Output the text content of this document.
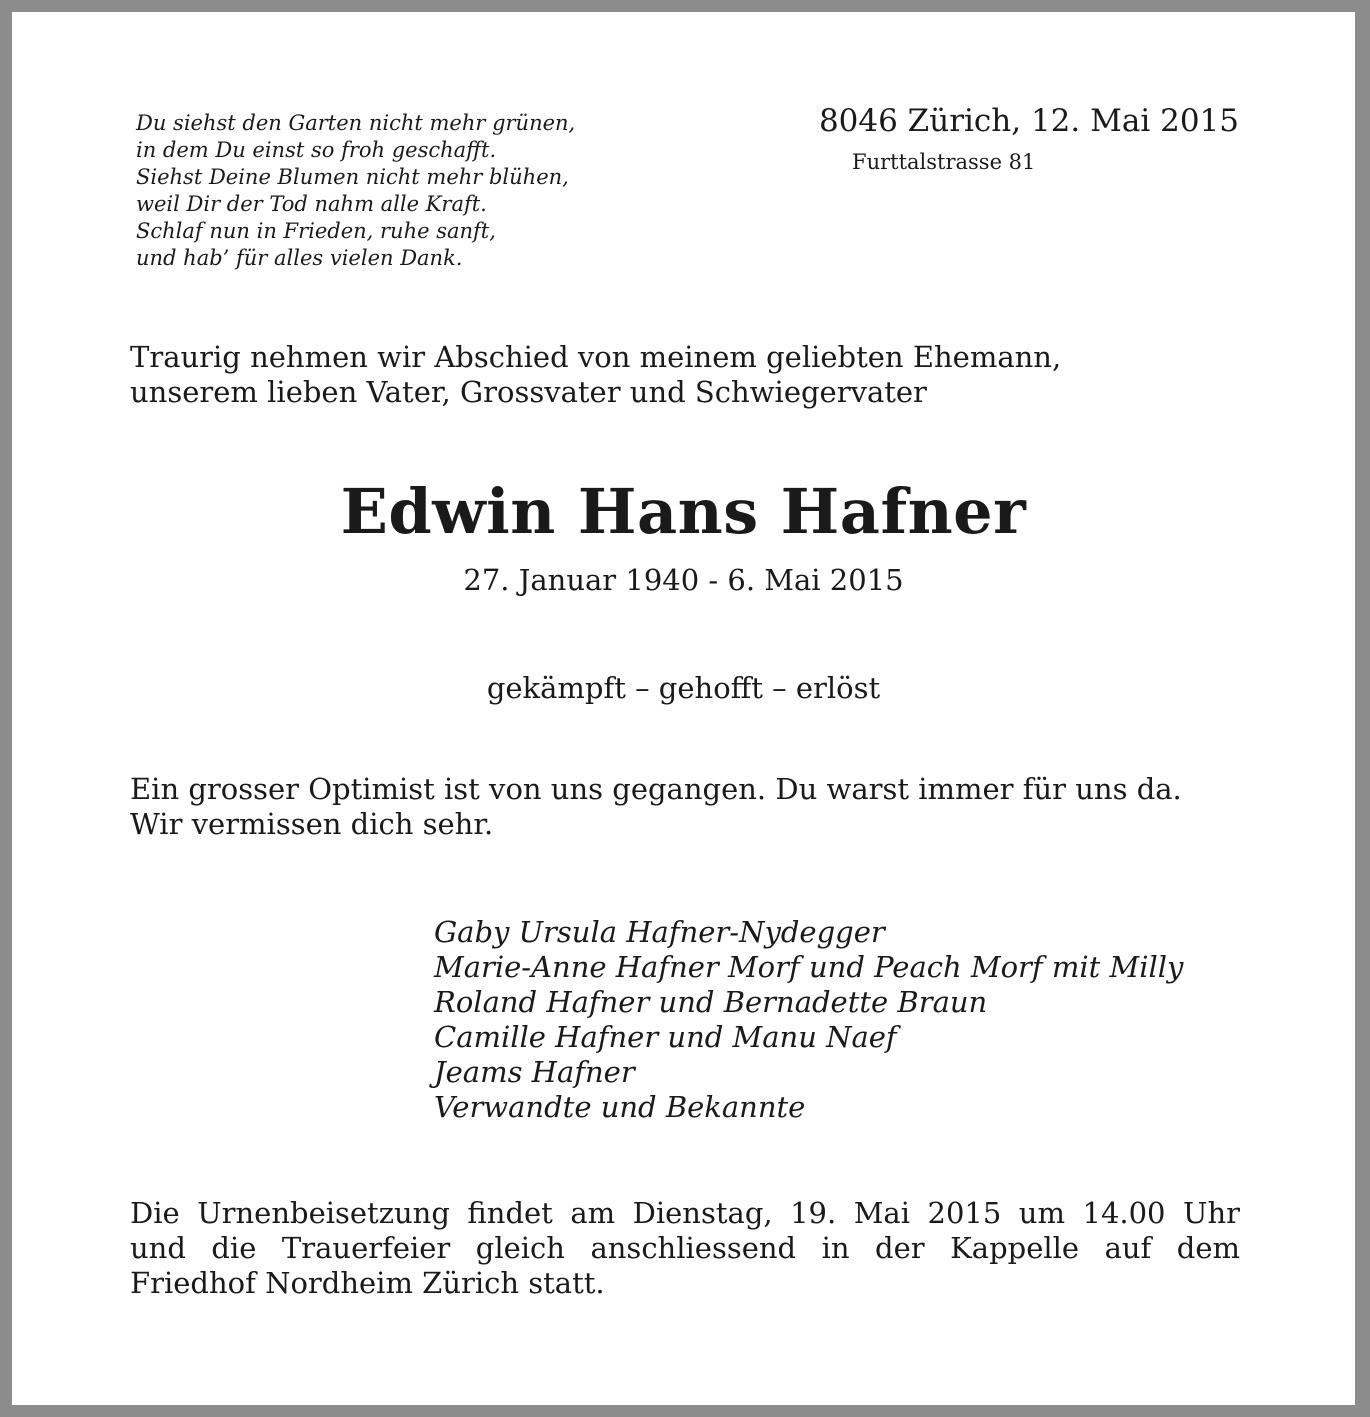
Du siehst den Garten nicht mehr grünen,
in dem Du einst so froh geschafft.
Siehst Deine Blumen nicht mehr blühen,
weil Dir der Tod nahm alle Kraft.
Schlaf nun in Frieden, ruhe sanft,
und hab’ für alles vielen Dank.
8046 Zürich, 12. Mai 2015
Furttalstrasse 81
Traurig nehmen wir Abschied von meinem geliebten Ehemann,
unserem lieben Vater, Grossvater und Schwiegervater
Edwin Hans Hafner
27. Januar 1940 - 6. Mai 2015
gekämpft – gehofft – erlöst
Ein grosser Optimist ist von uns gegangen. Du warst immer für uns da.
Wir vermissen dich sehr.
Gaby Ursula Hafner-Nydegger
Marie-Anne Hafner Morf und Peach Morf mit Milly
Roland Hafner und Bernadette Braun
Camille Hafner und Manu Naef
Jeams Hafner
Verwandte und Bekannte
Die Urnenbeisetzung findet am Dienstag, 19. Mai 2015 um 14.00 Uhr
und die Trauerfeier gleich anschliessend in der Kappelle auf dem
Friedhof Nordheim Zürich statt.
